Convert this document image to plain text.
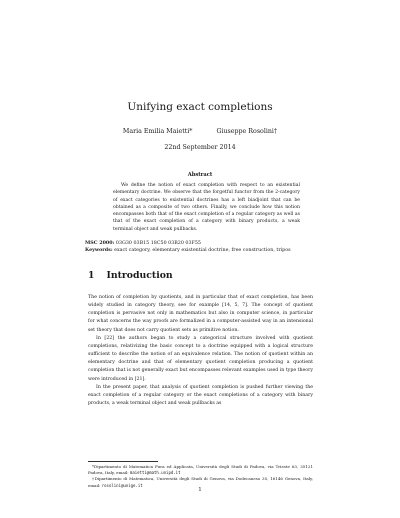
Unifying exact completions
Maria Emilia Maietti*	Giuseppe Rosolini†
22nd September 2014
Abstract

We define the notion of exact completion with respect to an existential elementary doctrine. We observe that the forgetful functor from the 2-category of exact categories to existential doctrines has a left biadjoint that can be obtained as a composite of two others. Finally, we conclude how this notion encompasses both that of the exact completion of a regular category as well as that of the exact completion of a category with binary products, a weak terminal object and weak pullbacks.

MSC 2000: 03G30 03B15 18C50 03B20 03F55
Keywords: exact category, elementary existential doctrine, free construction, tripos
1 Introduction

The notion of completion by quotients, and in particular that of exact completion, has been widely studied in category theory, see for example [14, 5, 7]. The concept of quotient completion is pervasive not only in mathematics but also in computer science, in particular for what concerns the way proofs are formalized in a computer-assisted way in an intensional set theory that does not carry quotient sets as primitive notion.

In [22] the authors began to study a categorical structure involved with quotient completions, relativizing the basic concept to a doctrine equipped with a logical structure sufficient to describe the notion of an equivalence relation. The notion of quotient within an elementary doctrine and that of elementary quotient completion producing a quotient completion that is not generally exact but encompasses relevant examples used in type theory were introduced in [21].

In the present paper, that analysis of quotient completion is pushed further viewing the exact completion of a regular category or the exact completions of a category with binary products, a weak terminal object and weak pullbacks as

*Dipartimento di Matematica Pura ed Applicata, Università degli Studi di Padova, via Trieste 63, 35121 Padova, Italy, email: maietti@math.unipd.it

†Dipartimento di Matematica, Università degli Studi di Genova, via Dodecaneso 35, 16146 Genova, Italy, email: rosolini@unige.it

1
